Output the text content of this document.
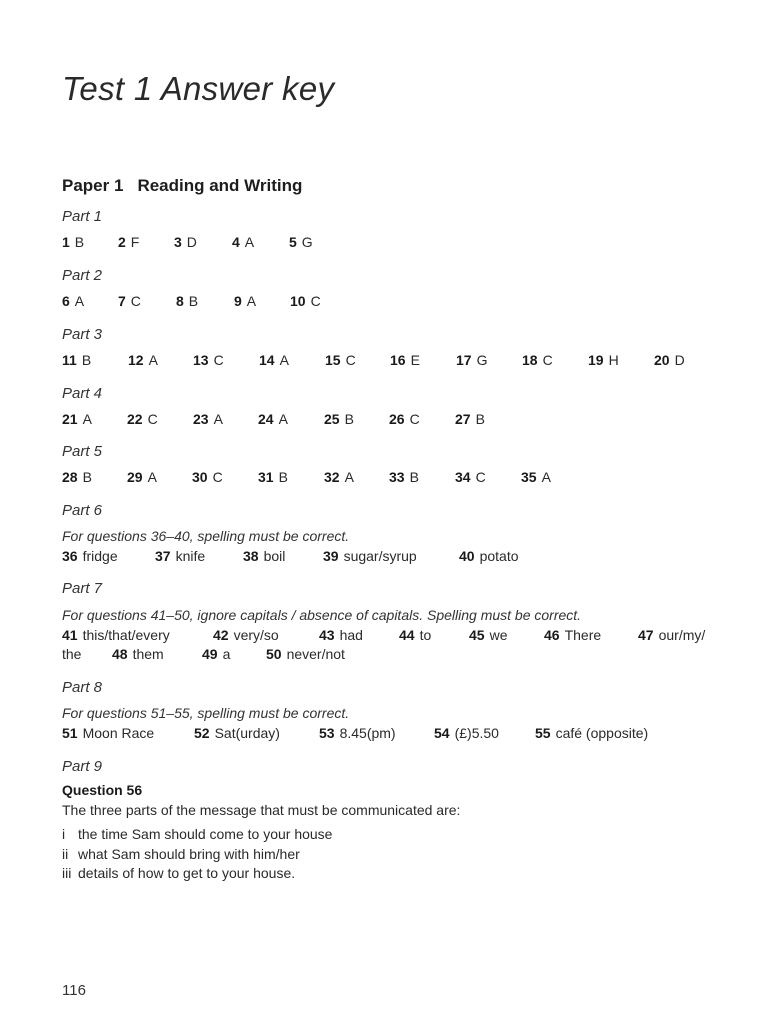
Test 1 Answer key
Paper 1 Reading and Writing
Part 1
1 B 2 F 3 D	4 A 5 G
Part 2
6 A 7 C	8 B	9 A 10 C
Part 3
11 B	12 A	13 C	14 A	15 C 16 E	17 G 18 C	19 H	20 D
Part 4
21 A	22 C	23 A	24 A	25 B	26 C	27 B
Part 5
28 B	29 A	30 C	31 B	32 A	33 B	34 C	35 A
Part 6
For questions 36–40, spelling must be correct.
36 fridge	37 knife	38 boil	39 sugar/syrup	40 potato
Part 7
For questions 41–50, ignore capitals / absence of capitals. Spelling must be correct.
41 this/that/every	42 very/so	43 had	44 to	45 we	46 There	47 our/my/
the 48 them	49 a	50 never/not
Part 8
For questions 51–55, spelling must be correct.
51 Moon Race	52 Sat(urday)	53 8.45(pm)	54 (£)5.50	55 café (opposite)
Part 9
Question 56
The three parts of the message that must be communicated are:
i the time Sam should come to your house
ii what Sam should bring with him/her
iii details of how to get to your house.
116
